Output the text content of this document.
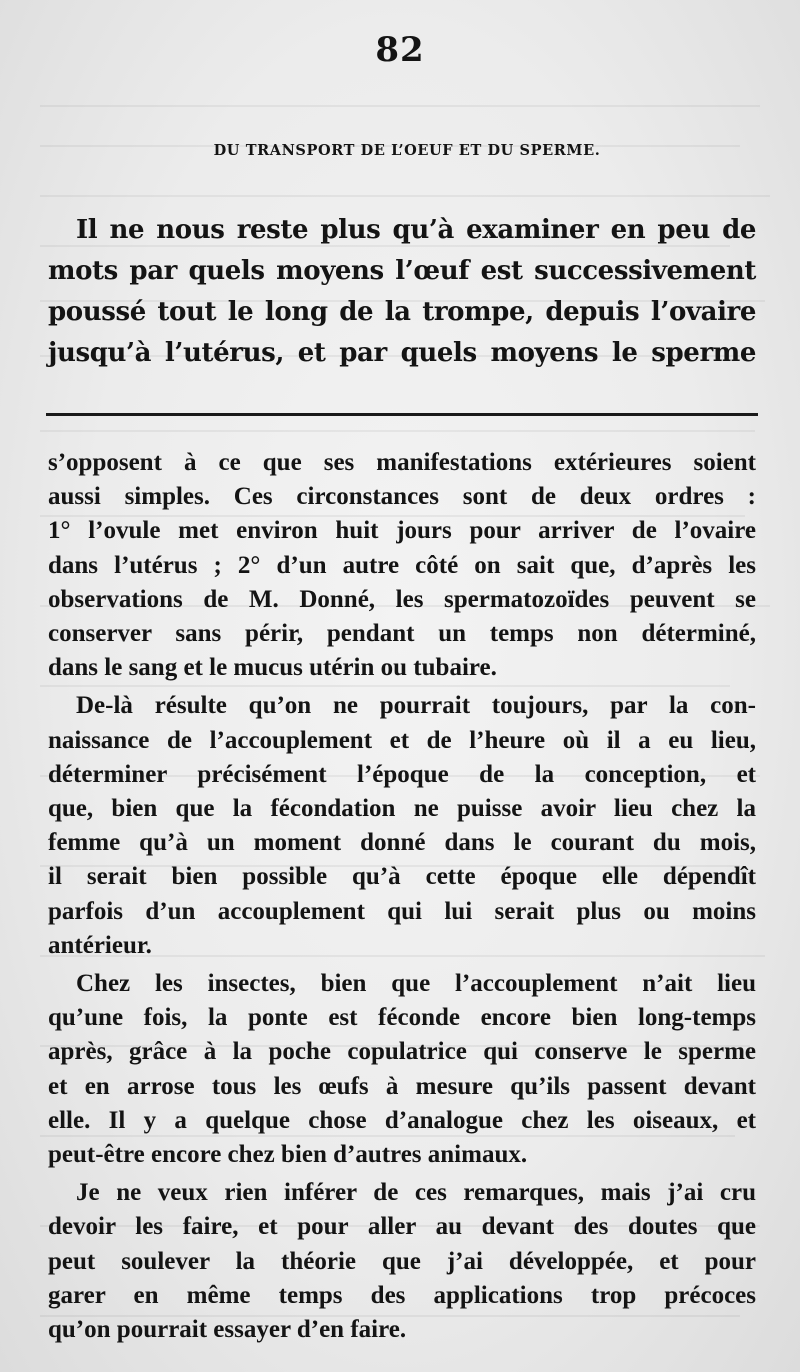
82
DU TRANSPORT DE L’OEUF ET DU SPERME.
Il ne nous reste plus qu’à examiner en peu de
mots par quels moyens l’œuf est successivement
poussé tout le long de la trompe, depuis l’ovaire
jusqu’à l’utérus, et par quels moyens le sperme
s’opposent à ce que ses manifestations extérieures soient
aussi simples. Ces circonstances sont de deux ordres :
1° l’ovule met environ huit jours pour arriver de l’ovaire
dans l’utérus ; 2° d’un autre côté on sait que, d’après les
observations de M. Donné, les spermatozoïdes peuvent se
conserver sans périr, pendant un temps non déterminé,
dans le sang et le mucus utérin ou tubaire.
De-là résulte qu’on ne pourrait toujours, par la con-
naissance de l’accouplement et de l’heure où il a eu lieu,
déterminer précisément l’époque de la conception, et
que, bien que la fécondation ne puisse avoir lieu chez la
femme qu’à un moment donné dans le courant du mois,
il serait bien possible qu’à cette époque elle dépendît
parfois d’un accouplement qui lui serait plus ou moins
antérieur.
Chez les insectes, bien que l’accouplement n’ait lieu
qu’une fois, la ponte est féconde encore bien long-temps
après, grâce à la poche copulatrice qui conserve le sperme
et en arrose tous les œufs à mesure qu’ils passent devant
elle. Il y a quelque chose d’analogue chez les oiseaux, et
peut-être encore chez bien d’autres animaux.
Je ne veux rien inférer de ces remarques, mais j’ai cru
devoir les faire, et pour aller au devant des doutes que
peut soulever la théorie que j’ai développée, et pour
garer en même temps des applications trop précoces
qu’on pourrait essayer d’en faire.
